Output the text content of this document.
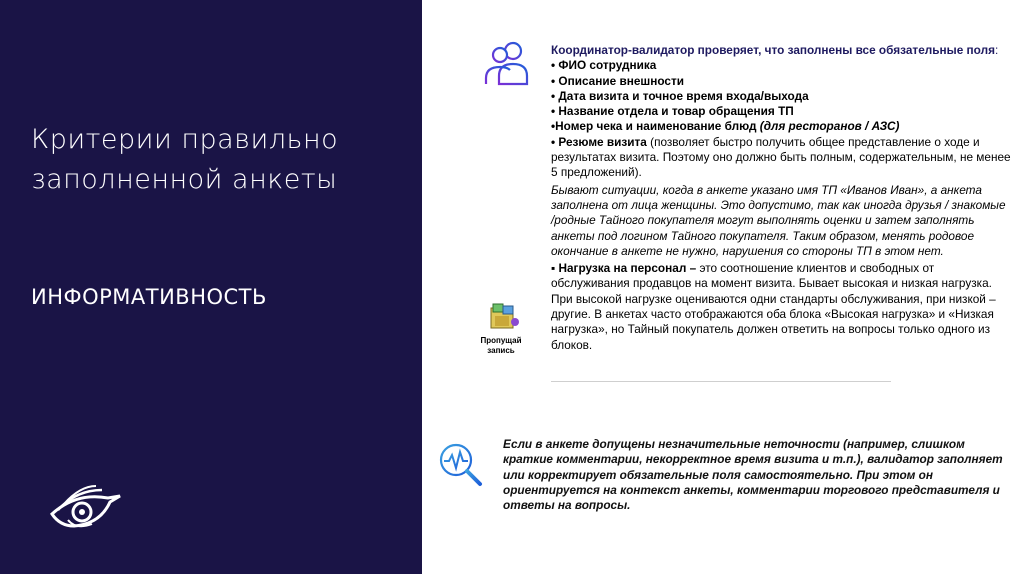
Критерии правильно заполненной анкеты
ИНФОРМАТИВНОСТЬ
Координатор-валидатор проверяет, что заполнены все обязательные поля:
• ФИО сотрудника
• Описание внешности
• Дата визита и точное время входа/выхода
• Название отдела и товар обращения ТП
•Номер чека и наименование блюд (для ресторанов / АЗС)
• Резюме визита (позволяет быстро получить общее представление о ходе и результатах визита. Поэтому оно должно быть полным, содержательным, не менее 5 предложений).
Бывают ситуации, когда в анкете указано имя ТП «Иванов Иван», а анкета заполнена от лица женщины. Это допустимо, так как иногда друзья / знакомые /родные Тайного покупателя могут выполнять оценки и затем заполнять анкеты под логином Тайного покупателя. Таким образом, менять родовое окончание в анкете не нужно, нарушения со стороны ТП в этом нет.
▪ Нагрузка на персонал – это соотношение клиентов и свободных от обслуживания продавцов на момент визита. Бывает высокая и низкая нагрузка. При высокой нагрузке оцениваются одни стандарты обслуживания, при низкой – другие. В анкетах часто отображаются оба блока «Высокая нагрузка» и «Низкая нагрузка», но Тайный покупатель должен ответить на вопросы только одного из блоков.
Пропущай запись
Если в анкете допущены незначительные неточности (например, слишком краткие комментарии, некорректное время визита и т.п.), валидатор заполняет или корректирует обязательные поля самостоятельно. При этом он ориентируется на контекст анкеты, комментарии торгового представителя и ответы на вопросы.
